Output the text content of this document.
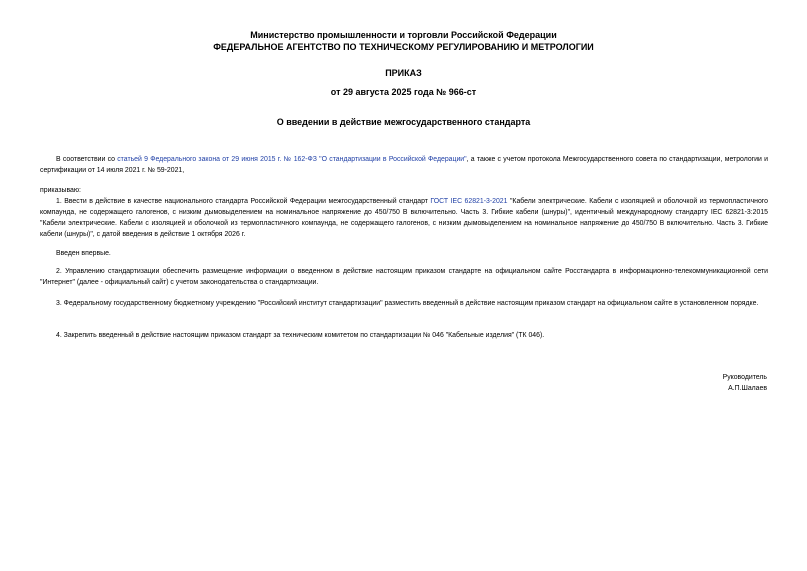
Министерство промышленности и торговли Российской Федерации
ФЕДЕРАЛЬНОЕ АГЕНТСТВО ПО ТЕХНИЧЕСКОМУ РЕГУЛИРОВАНИЮ И МЕТРОЛОГИИ
ПРИКАЗ
от 29 августа 2025 года № 966-ст
О введении в действие межгосударственного стандарта
В соответствии со статьей 9 Федерального закона от 29 июня 2015 г. № 162-ФЗ "О стандартизации в Российской Федерации", а также с учетом протокола Межгосударственного совета по стандартизации, метрологии и сертификации от 14 июля 2021 г. № 59-2021,
приказываю:
1. Ввести в действие в качестве национального стандарта Российской Федерации межгосударственный стандарт ГОСТ IEC 62821-3-2021 "Кабели электрические. Кабели с изоляцией и оболочкой из термопластичного компаунда, не содержащего галогенов, с низким дымовыделением на номинальное напряжение до 450/750 В включительно. Часть 3. Гибкие кабели (шнуры)", идентичный международному стандарту IEC 62821-3:2015 "Кабели электрические. Кабели с изоляцией и оболочкой из термопластичного компаунда, не содержащего галогенов, с низким дымовыделением на номинальное напряжение до 450/750 В включительно. Часть 3. Гибкие кабели (шнуры)", с датой введения в действие 1 октября 2026 г.
Введен впервые.
2. Управлению стандартизации обеспечить размещение информации о введенном в действие настоящим приказом стандарте на официальном сайте Росстандарта в информационно-телекоммуникационной сети "Интернет" (далее - официальный сайт) с учетом законодательства о стандартизации.
3. Федеральному государственному бюджетному учреждению "Российский институт стандартизации" разместить введенный в действие настоящим приказом стандарт на официальном сайте в установленном порядке.
4. Закрепить введенный в действие настоящим приказом стандарт за техническим комитетом по стандартизации № 046 "Кабельные изделия" (ТК 046).
Руководитель
А.П.Шалаев
